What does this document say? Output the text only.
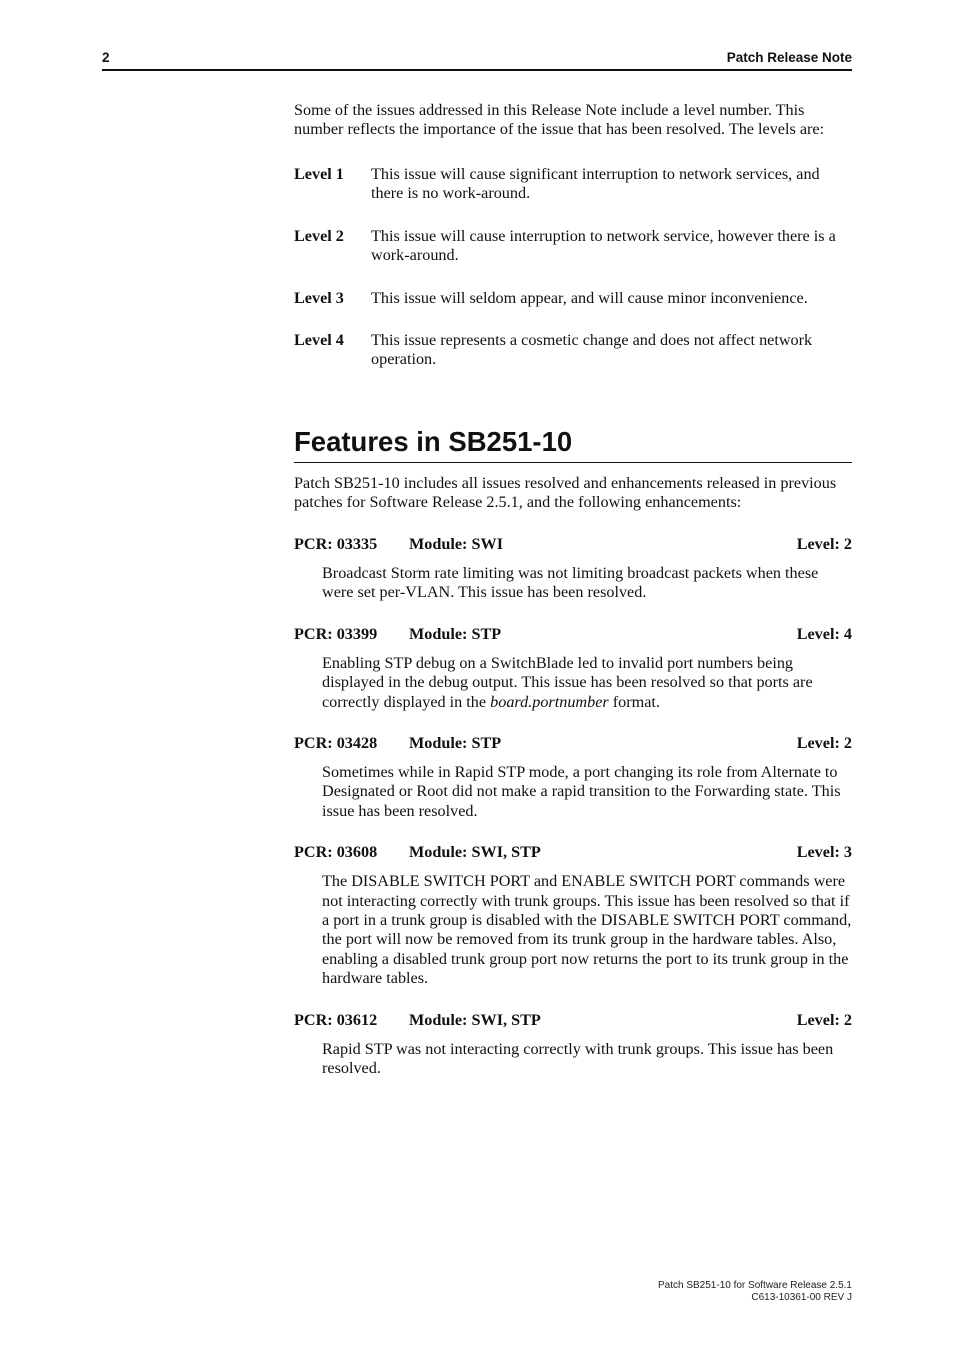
2	Patch Release Note

Some of the issues addressed in this Release Note include a level number. This number reflects the importance of the issue that has been resolved. The levels are:

Level 1 This issue will cause significant interruption to network services, and there is no work-around.
Level 2 This issue will cause interruption to network service, however there is a work-around.
Level 3 This issue will seldom appear, and will cause minor inconvenience.
Level 4 This issue represents a cosmetic change and does not affect network operation.
Features in SB251-10

Patch SB251-10 includes all issues resolved and enhancements released in previous patches for Software Release 2.5.1, and the following enhancements:

PCR: 03335 Module: SWI	Level: 2
Broadcast Storm rate limiting was not limiting broadcast packets when these were set per-VLAN. This issue has been resolved.
PCR: 03399 Module: STP	Level: 4
Enabling STP debug on a SwitchBlade led to invalid port numbers being displayed in the debug output. This issue has been resolved so that ports are correctly displayed in the board.portnumber format.
PCR: 03428 Module: STP	Level: 2
Sometimes while in Rapid STP mode, a port changing its role from Alternate to Designated or Root did not make a rapid transition to the Forwarding state. This issue has been resolved.
PCR: 03608 Module: SWI, STP	Level: 3
The DISABLE SWITCH PORT and ENABLE SWITCH PORT commands were not interacting correctly with trunk groups. This issue has been resolved so that if a port in a trunk group is disabled with the DISABLE SWITCH PORT command, the port will now be removed from its trunk group in the hardware tables. Also, enabling a disabled trunk group port now returns the port to its trunk group in the hardware tables.
PCR: 03612 Module: SWI, STP	Level: 2
Rapid STP was not interacting correctly with trunk groups. This issue has been resolved.
Patch SB251-10 for Software Release 2.5.1
C613-10361-00 REV J
